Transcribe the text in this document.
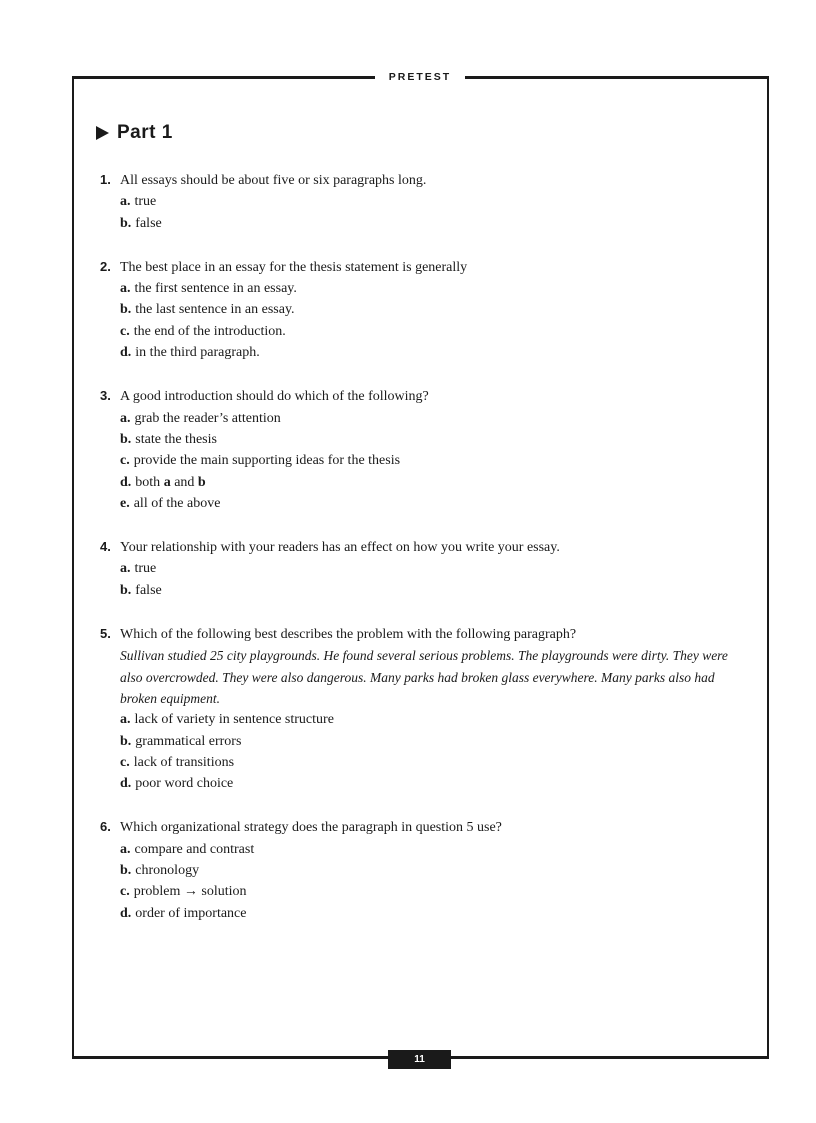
PRETEST
Part 1
1. All essays should be about five or six paragraphs long.
a. true
b. false
2. The best place in an essay for the thesis statement is generally
a. the first sentence in an essay.
b. the last sentence in an essay.
c. the end of the introduction.
d. in the third paragraph.
3. A good introduction should do which of the following?
a. grab the reader’s attention
b. state the thesis
c. provide the main supporting ideas for the thesis
d. both a and b
e. all of the above
4. Your relationship with your readers has an effect on how you write your essay.
a. true
b. false
5. Which of the following best describes the problem with the following paragraph?
Sullivan studied 25 city playgrounds. He found several serious problems. The playgrounds were dirty. They were also overcrowded. They were also dangerous. Many parks had broken glass everywhere. Many parks also had broken equipment.
a. lack of variety in sentence structure
b. grammatical errors
c. lack of transitions
d. poor word choice
6. Which organizational strategy does the paragraph in question 5 use?
a. compare and contrast
b. chronology
c. problem → solution
d. order of importance
11
